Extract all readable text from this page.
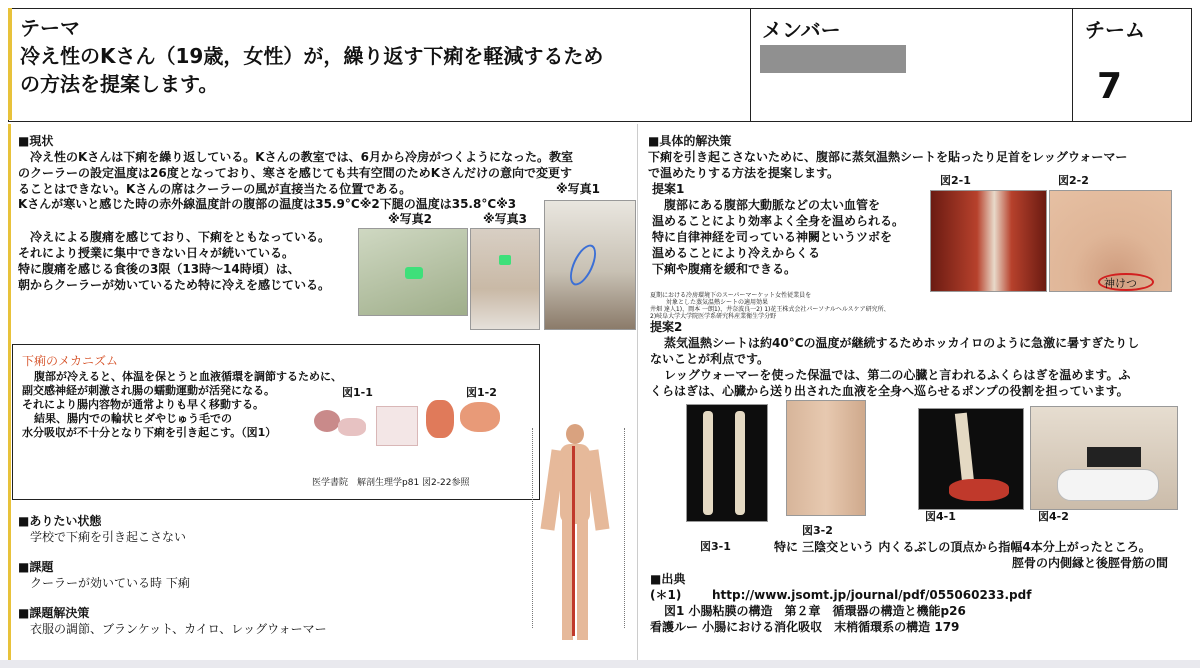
テーマ
冷え性のKさん（19歳，女性）が，繰り返す下痢を軽減するため
の方法を提案します。
メンバー	チーム
7
■現状
冷え性のKさんは下痢を繰り返している。Kさんの教室では、6月から冷房がつくようになった。教室
のクーラーの設定温度は26度となっており、寒さを感じても共有空間のためKさんだけの意向で変更す
ることはできない。Kさんの席はクーラーの風が直接当たる位置である。	※写真1
Kさんが寒いと感じた時の赤外線温度計の腹部の温度は35.9°C※2下腿の温度は35.8°C※3
※写真2	※写真3
冷えによる腹痛を感じており、下痢をともなっている。
それにより授業に集中できない日々が続いている。
特に腹痛を感じる食後の3限（13時〜14時頃）は、
朝からクーラーが効いているため特に冷えを感じている。
下痢のメカニズム
腹部が冷えると、体温を保とうと血液循環を調節するために、
副交感神経が刺激され腸の蠕動運動が活発になる。
それにより腸内容物が通常よりも早く移動する。
結果、腸内での輪状ヒダやじゅう毛での
水分吸収が不十分となり下痢を引き起こす。（図1）
図1-1	図1-2
医学書院　解剖生理学p81 図2-22参照
■ありたい状態
学校で下痢を引き起こさない
■課題
クーラーが効いている時 下痢
■課題解決策
衣服の調節、ブランケット、カイロ、レッグウォーマー
■具体的解決策
下痢を引き起こさないために、腹部に蒸気温熱シートを貼ったり足首をレッグウォーマー
で温めたりする方法を提案します。
図2-1	図2-2
提案1
腹部にある腹部大動脈などの太い血管を
温めることにより効率よく全身を温められる。
特に自律神経を司っている神闕というツボを
温めることにより冷えからくる
下痢や腹痛を緩和できる。
神けつ
夏期における冷房環境下のスーパーマーケット女性従業員を
対象とした蒸気温熱シートの適用効果
井畑 達人1)、岡本 一朗1)、井奈波良一2) 1)花王株式会社パーソナルヘルスケア研究所、
2)岐阜大学大学院医学系研究科産業衛生学分野
提案2
蒸気温熱シートは約40°Cの温度が継続するためホッカイロのように急激に暑すぎたりし
ないことが利点です。
レッグウォーマーを使った保温では、第二の心臓と言われるふくらはぎを温めます。ふ
くらはぎは、心臓から送り出された血液を全身へ巡らせるポンプの役割を担っています。
図3-2
図3-1
図4-1	図4-2
特に 三陰交という 内くるぶしの頂点から指幅4本分上がったところ。
脛骨の内側縁と後脛骨筋の間
■出典
(＊1)	http://www.jsomt.jp/journal/pdf/055060233.pdf
図1 小腸粘膜の構造　第２章　循環器の構造と機能p26
看護ルー 小腸における消化吸収　末梢循環系の構造 179
